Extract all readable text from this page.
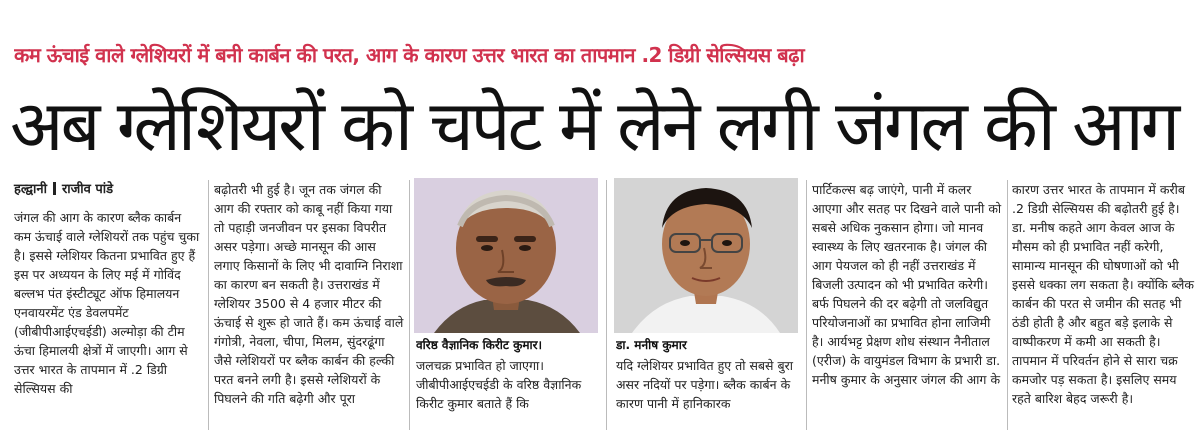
कम ऊंचाई वाले ग्लेशियरों में बनी कार्बन की परत, आग के कारण उत्तर भारत का तापमान .2 डिग्री सेल्सियस बढ़ा
अब ग्लेशियरों को चपेट में लेने लगी जंगल की आग
हल्द्वानी राजीव पांडे

जंगल की आग के कारण ब्लैक कार्बन कम ऊंचाई वाले ग्लेशियरों तक पहुंच चुका है। इससे ग्लेशियर कितना प्रभावित हुए हैं इस पर अध्ययन के लिए मई में गोविंद बल्लभ पंत इंस्टीट्यूट ऑफ हिमालयन एनवायरमेंट एंड डेवलपमेंट (जीबीपीआईएचईडी) अल्मोड़ा की टीम ऊंचा हिमालयी क्षेत्रों में जाएगी। आग से उत्तर भारत के तापमान में .2 डिग्री सेल्सियस की

बढ़ोतरी भी हुई है। जून तक जंगल की आग की रफ्तार को काबू नहीं किया गया तो पहाड़ी जनजीवन पर इसका विपरीत असर पड़ेगा। अच्छे मानसून की आस लगाए किसानों के लिए भी दावाग्नि निराशा का कारण बन सकती है। उत्तराखंड में ग्लेशियर 3500 से 4 हजार मीटर की ऊंचाई से शुरू हो जाते हैं। कम ऊंचाई वाले गंगोत्री, नेवला, चीपा, मिलम, सुंदरढूंगा जैसे ग्लेशियरों पर ब्लैक कार्बन की हल्की परत बनने लगी है। इससे ग्लेशियरों के पिघलने की गति बढ़ेगी और पूरा

वरिष्ठ वैज्ञानिक किरीट कुमार।

जलचक्र प्रभावित हो जाएगा। जीबीपीआईएचईडी के वरिष्ठ वैज्ञानिक किरीट कुमार बताते हैं कि

डा. मनीष कुमार

यदि ग्लेशियर प्रभावित हुए तो सबसे बुरा असर नदियों पर पड़ेगा। ब्लैक कार्बन के कारण पानी में हानिकारक

पार्टिकल्स बढ़ जाएंगे, पानी में कलर आएगा और सतह पर दिखने वाले पानी को सबसे अधिक नुकसान होगा। जो मानव स्वास्थ्य के लिए खतरनाक है। जंगल की आग पेयजल को ही नहीं उत्तराखंड में बिजली उत्पादन को भी प्रभावित करेगी। बर्फ पिघलने की दर बढ़ेगी तो जलविद्युत परियोजनाओं का प्रभावित होना लाजिमी है। आर्यभट्ट प्रेक्षण शोध संस्थान नैनीताल (एरीज) के वायुमंडल विभाग के प्रभारी डा. मनीष कुमार के अनुसार जंगल की आग के

कारण उत्तर भारत के तापमान में करीब .2 डिग्री सेल्सियस की बढ़ोतरी हुई है। डा. मनीष कहते आग केवल आज के मौसम को ही प्रभावित नहीं करेगी, सामान्य मानसून की घोषणाओं को भी इससे धक्का लग सकता है। क्योंकि ब्लैक कार्बन की परत से जमीन की सतह भी ठंडी होती है और बहुत बड़े इलाके से वाष्पीकरण में कमी आ सकती है। तापमान में परिवर्तन होने से सारा चक्र कमजोर पड़ सकता है। इसलिए समय रहते बारिश बेहद जरूरी है।
